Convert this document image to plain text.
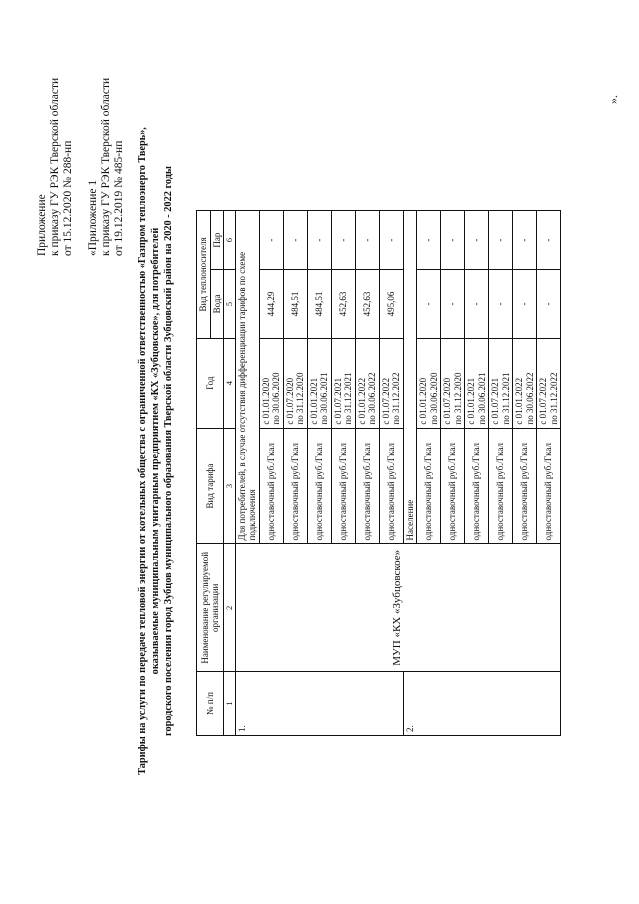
Приложение к приказу ГУ РЭК Тверской области от 15.12.2020 № 288-нп «Приложение 1 к приказу ГУ РЭК Тверской области от 19.12.2019 № 485-нп Тарифы на услуги по передаче тепловой энергии от котельных общества с ограниченной ответственностью «Газпром теплоэнерго Тверь», оказываемые муниципальным унитарным предприятием «КХ «Зубцовское», для потребителей городского поселения город Зубцов муниципального образования Тверской области Зубцовский район на 2020 - 2022 годы	№ п/п	Наименование регулируемой организации	Вид тарифа	Год	Вид теплоносителя	
				Вода	Пар
1	2	3	4	5	6
1.	МУП «КХ «Зубцовское»	Для потребителей, в случае отсутствия дифференциации тарифов по схеме подключения			
		одноставочный руб./Гкал	с 01.01.2020 по 30.06.2020	444,29	-
		одноставочный руб./Гкал	с 01.07.2020 по 31.12.2020	484,51	-
		одноставочный руб./Гкал	с 01.01.2021 по 30.06.2021	484,51	-
		одноставочный руб./Гкал	с 01.07.2021 по 31.12.2021	452,63	-
		одноставочный руб./Гкал	с 01.01.2022 по 30.06.2022	452,63	-
		одноставочный руб./Гкал	с 01.07.2022 по 31.12.2022	495,06	-
2.		Население			
		одноставочный руб./Гкал	с 01.01.2020 по 30.06.2020	-	-
		одноставочный руб./Гкал	с 01.07.2020 по 31.12.2020	-	-
		одноставочный руб./Гкал	с 01.01.2021 по 30.06.2021	-	-
		одноставочный руб./Гкал	с 01.07.2021 по 31.12.2021	-	-
		одноставочный руб./Гкал	с 01.01.2022 по 30.06.2022	-	-
		одноставочный руб./Гкал	с 01.07.2022 по 31.12.2022	-	-
».
